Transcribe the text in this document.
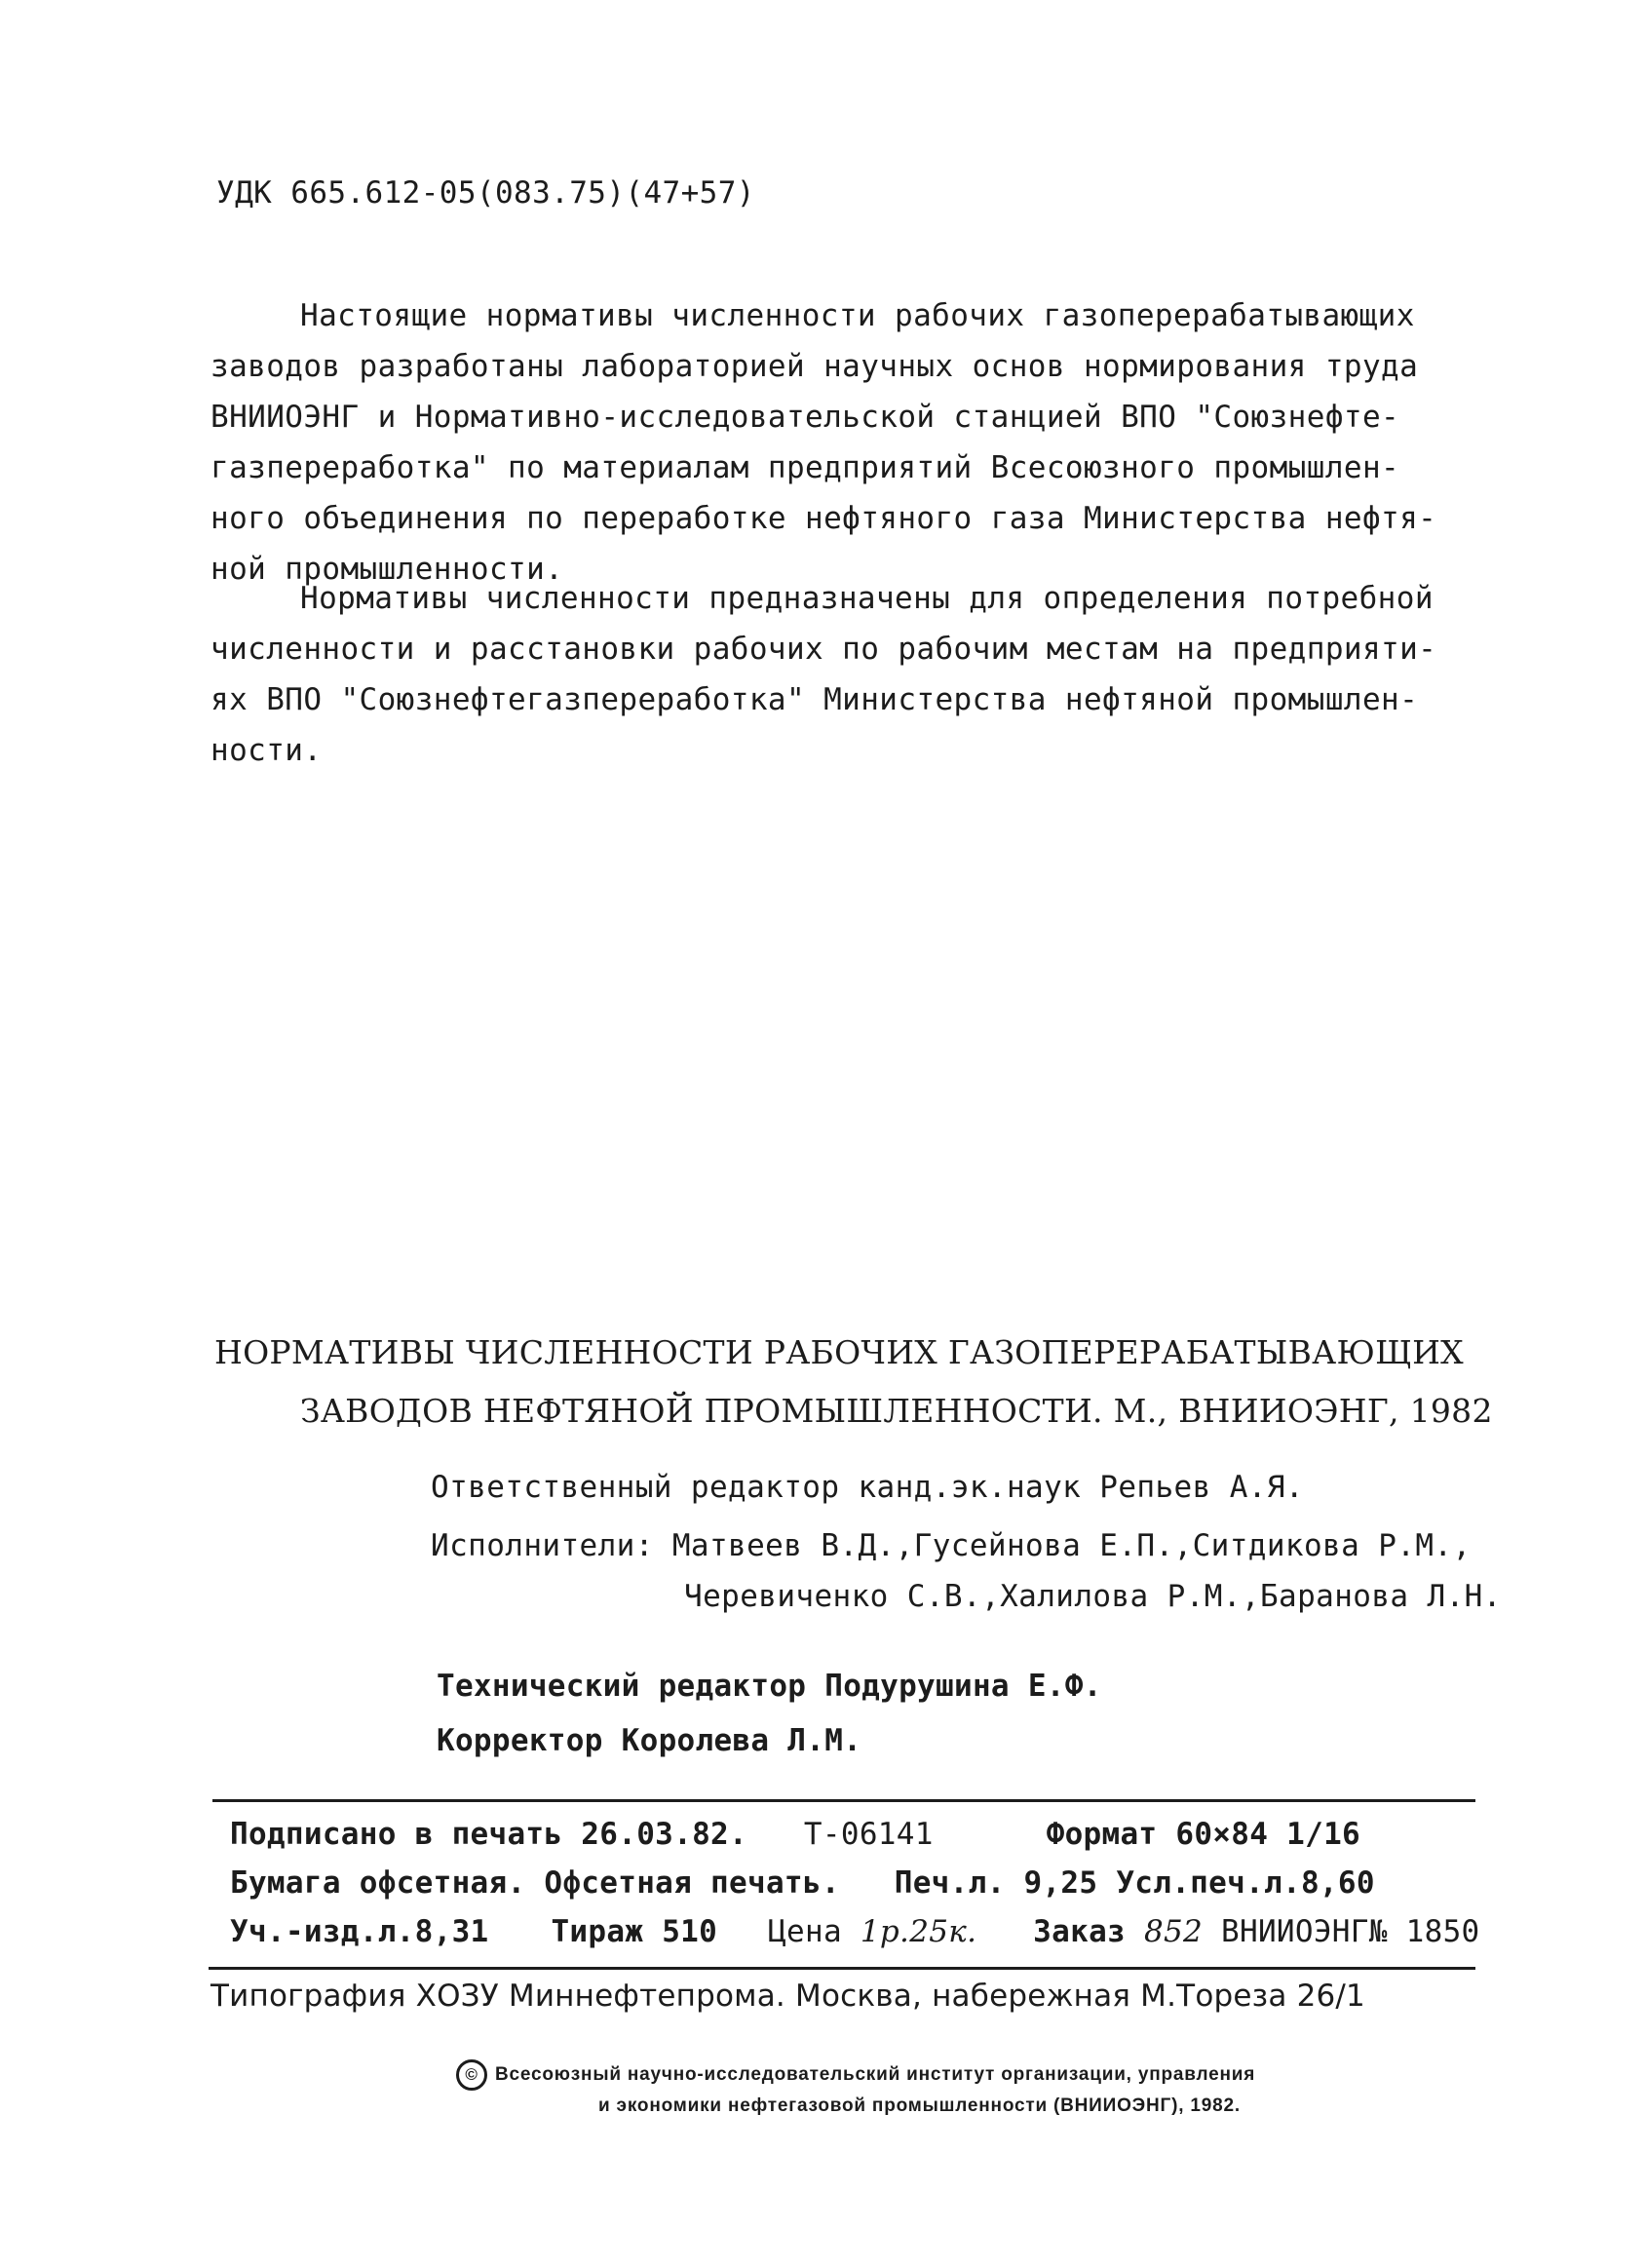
УДК 665.612-05(083.75)(47+57)
Настоящие нормативы численности рабочих газоперерабатывающих
заводов разработаны лабораторией научных основ нормирования труда
ВНИИОЭНГ и Нормативно-исследовательской станцией ВПО "Союзнефте-
газпереработка" по материалам предприятий Всесоюзного промышлен-
ного объединения по переработке нефтяного газа Министерства нефтя-
ной промышленности.
Нормативы численности предназначены для определения потребной
численности и расстановки рабочих по рабочим местам на предприяти-
ях ВПО "Союзнефтегазпереработка" Министерства нефтяной промышлен-
ности.
НОРМАТИВЫ ЧИСЛЕННОСТИ РАБОЧИХ ГАЗОПЕРЕРАБАТЫВАЮЩИХ
ЗАВОДОВ НЕФТЯНОЙ ПРОМЫШЛЕННОСТИ. М., ВНИИОЭНГ, 1982
Ответственный редактор канд.эк.наук Репьев А.Я.
Исполнители: Матвеев В.Д.,Гусейнова Е.П.,Ситдикова Р.М.,
Черевиченко С.В.,Халилова Р.М.,Баранова Л.Н.
Технический редактор Подурушина Е.Ф.
Корректор Королева Л.М.
Подписано в печать 26.03.82. Т-06141	Формат 60×84 1/16
Бумага офсетная. Офсетная печать. Печ.л. 9,25 Усл.печ.л.8,60
Уч.-изд.л.8,31 Тираж 510 Цена 1р.25к. Заказ 852 ВНИИОЭНГ№ 1850
Типография ХОЗУ Миннефтепрома. Москва, набережная М.Тореза 26/1
© Всесоюзный научно-исследовательский институт организации, управления
и экономики нефтегазовой промышленности (ВНИИОЭНГ), 1982.
